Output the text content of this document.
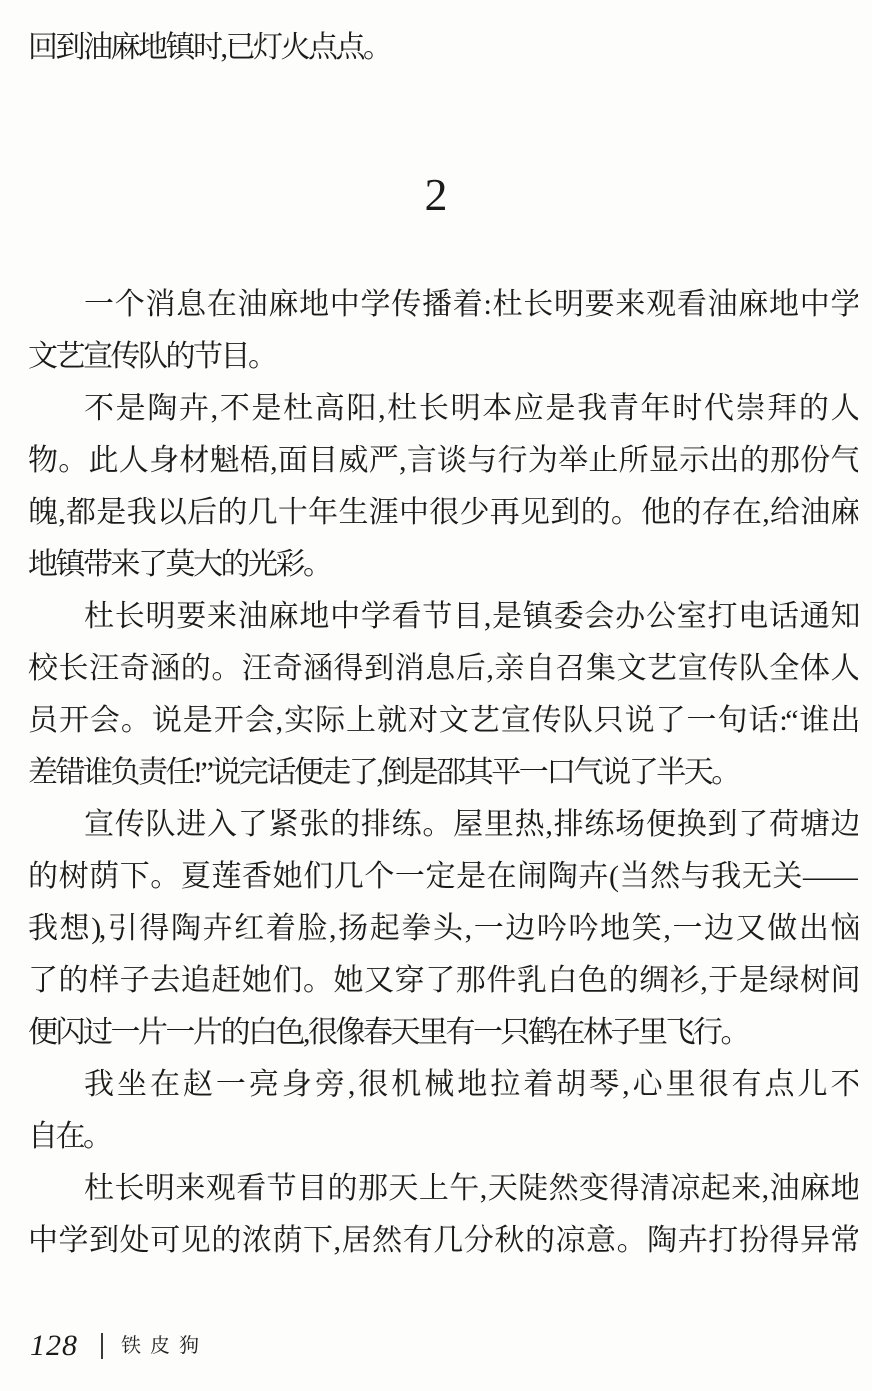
回到油麻地镇时,已灯火点点。
2
一个消息在油麻地中学传播着:杜长明要来观看油麻地中学
文艺宣传队的节目。
不是陶卉,不是杜高阳,杜长明本应是我青年时代崇拜的人
物。此人身材魁梧,面目威严,言谈与行为举止所显示出的那份气
魄,都是我以后的几十年生涯中很少再见到的。他的存在,给油麻
地镇带来了莫大的光彩。
杜长明要来油麻地中学看节目,是镇委会办公室打电话通知
校长汪奇涵的。汪奇涵得到消息后,亲自召集文艺宣传队全体人
员开会。说是开会,实际上就对文艺宣传队只说了一句话:“谁出
差错谁负责任!”说完话便走了,倒是邵其平一口气说了半天。
宣传队进入了紧张的排练。屋里热,排练场便换到了荷塘边
的树荫下。夏莲香她们几个一定是在闹陶卉(当然与我无关——
我想),引得陶卉红着脸,扬起拳头,一边吟吟地笑,一边又做出恼
了的样子去追赶她们。她又穿了那件乳白色的绸衫,于是绿树间
便闪过一片一片的白色,很像春天里有一只鹤在林子里飞行。
我坐在赵一亮身旁,很机械地拉着胡琴,心里很有点儿不
自在。
杜长明来观看节目的那天上午,天陡然变得清凉起来,油麻地
中学到处可见的浓荫下,居然有几分秋的凉意。陶卉打扮得异常
128 铁皮狗
